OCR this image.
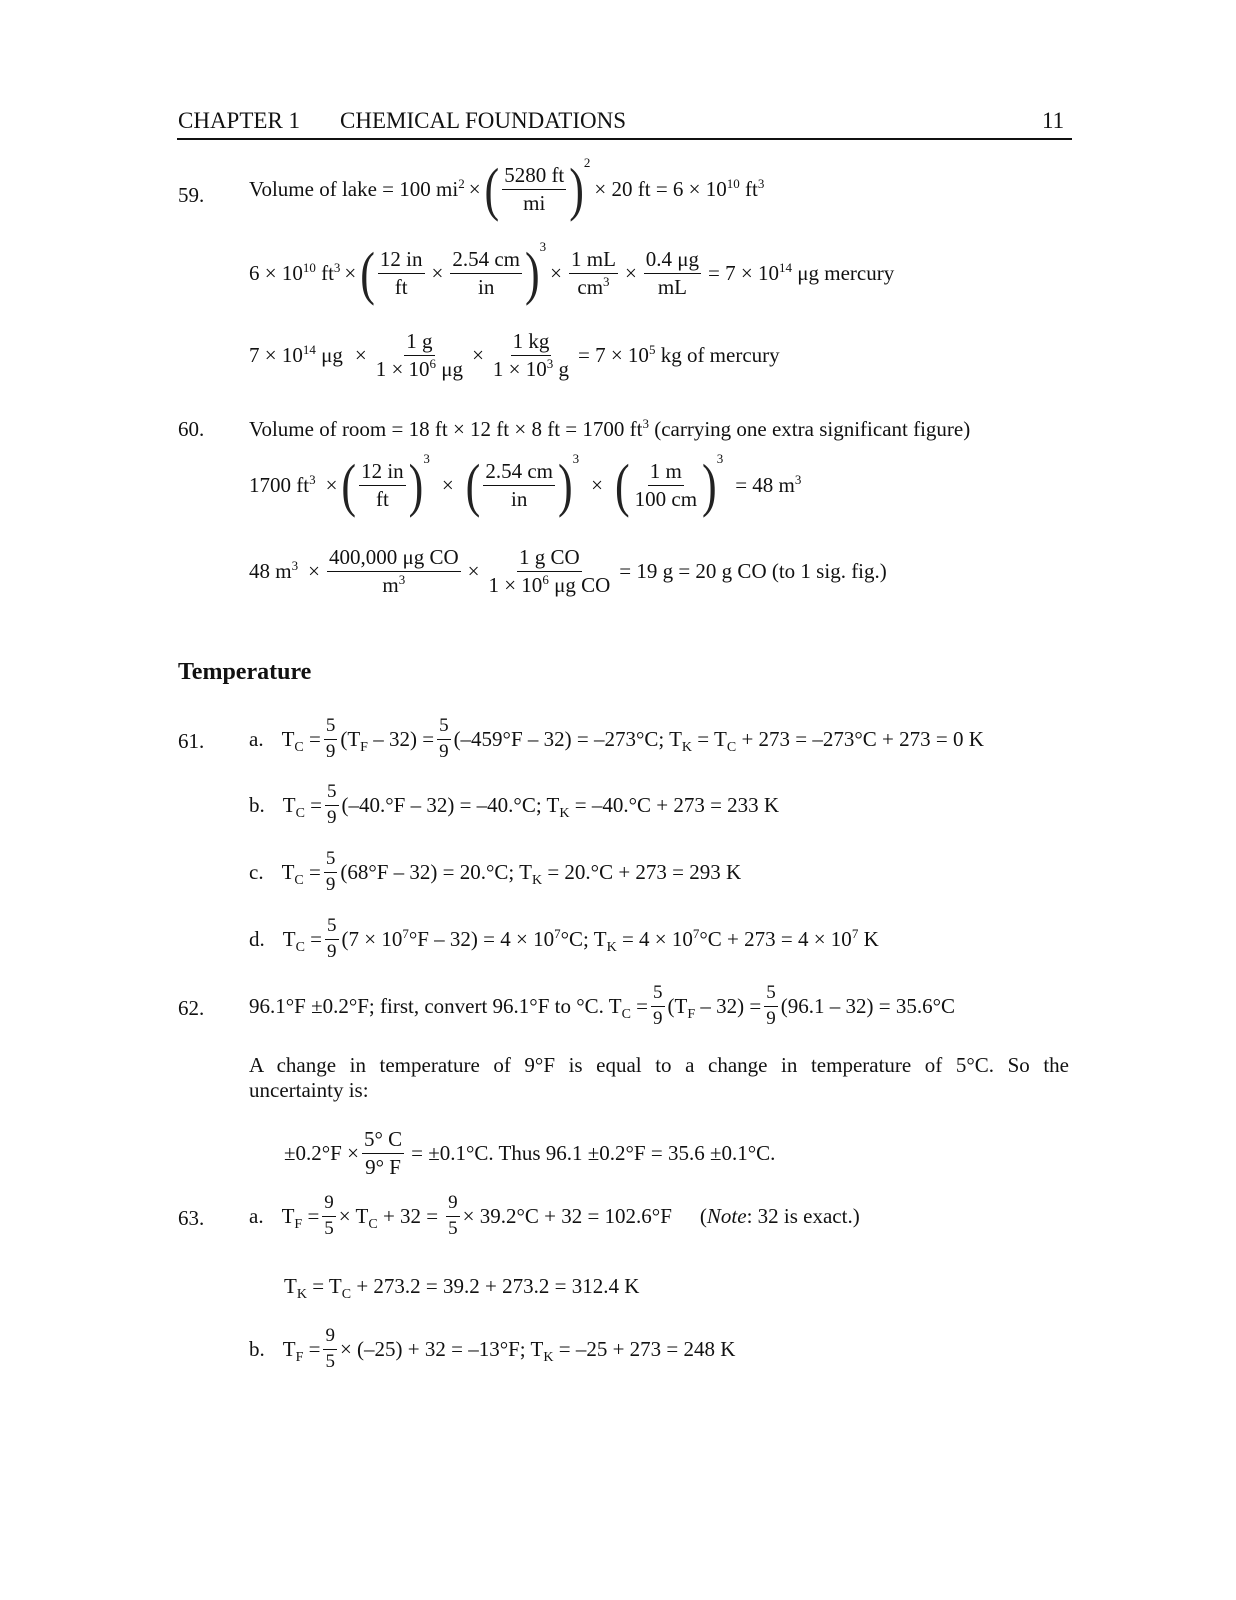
CHAPTER 1 CHEMICAL FOUNDATIONS	11
59. Volume of lake = 100 $mi^2$ × ( $\frac{5280 ft}{mi}$ ) 2
× 20 ft = $6 \times 10^{10}$ $ft^3$
$6 \times 10^{10}$ $ft^3$ × ( $\frac{12 in}{ft} \times \frac{2.54 cm}{in}$ ) 3
× $\frac{1 mL}{cm^3} \times \frac{0.4 \mu g}{mL} = 7 \times 10^{14}$ μg mercury
$7 \times 10^{14}$ $\mu g \times \frac{1 g}{1 \times 10^6 \mu g} \times \frac{1 kg}{1 \times 10^3 g} = 7 \times 10^5$ kg of mercury
60. Volume of room = 18 ft × 12 ft × 8 ft = 1700 $ft^3$ (carrying one extra significant figure)
1700 $ft^3$ × ( $\frac{12 in}{ft}$ ) 3
× ( $\frac{2.54 cm}{in}$ ) 3
× ( $\frac{1 m}{100 cm}$ ) 3
= 48 $m^3$
48 $m^3 \times \frac{\text{400,000 μg CO}}{m^3} \times \frac{\text{1 g CO}}{1 \times 10^6 \mu g CO} = 19$ g = 20 g CO (to 1 sig. fig.)
Temperature
61. a. $T_C = \frac{5}{9} (T_F - 32) = \frac{5}{9} (-459^\circ F - 32) = -273^\circ C$; $T_K = T_C + 273 = -273^\circ C + 273 = 0$ K
b. $T_C = \frac{5}{9} (-40.^\circ F - 32) = -40.^\circ C$; $T_K = -40.^\circ C + 273 = 233$ K
c. $T_C = \frac{5}{9} (68^\circ F - 32) = 20.^\circ C$; $T_K = 20.^\circ C + 273 = 293$ K
d. $T_C = \frac{5}{9} (7 \times 10^7^\circ F - 32) = 4 \times 10^7^\circ C$; $T_K = 4 \times 10^7^\circ C + 273 = 4 \times 10^7$ K
62. 96.1°F ±0.2°F; first, convert 96.1°F to °C. $T_C = \frac{5}{9} (T_F - 32) = \frac{5}{9} (96.1 - 32) = 35.6^\circ C$
A change in temperature of 9°F is equal to a change in temperature of 5°C. So the
uncertainty is:
$\pm 0.2^\circ F \times \frac{5^\circ C}{9^\circ F} = \pm 0.1^\circ C$. Thus 96.1 ±0.2°F = 35.6 ±0.1°C.
63. a. $T_F = \frac{9}{5} \times T_C + 32 = \frac{9}{5} \times 39.2^\circ C + 32 = 102.6^\circ F$ (Note: 32 is exact.)
$T_K = T_C + 273.2 = 39.2 + 273.2 = 312.4$ K
b. $T_F = \frac{9}{5} \times (-25) + 32 = -13^\circ F$; $T_K = -25 + 273 = 248$ K
